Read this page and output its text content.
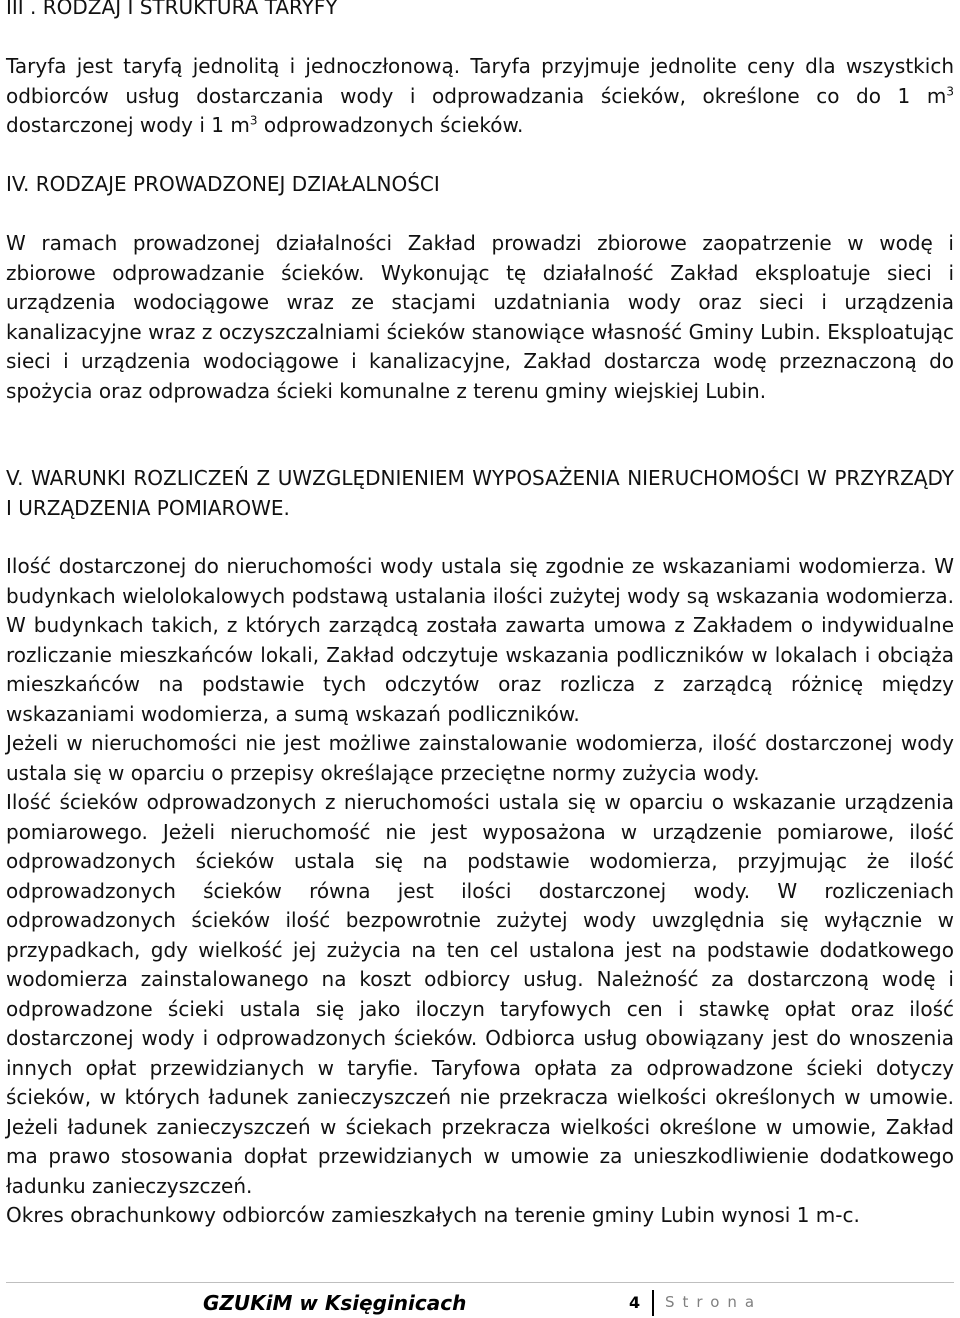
III . RODZAJ I STRUKTURA TARYFY

Taryfa jest taryfą jednolitą i jednoczłonową. Taryfa przyjmuje jednolite ceny dla wszystkich odbiorców usług dostarczania wody i odprowadzania ścieków, określone co do 1 $m^3$ dostarczonej wody i 1 $m^3$ odprowadzonych ścieków.

IV. RODZAJE PROWADZONEJ DZIAŁALNOŚCI

W ramach prowadzonej działalności Zakład prowadzi zbiorowe zaopatrzenie w wodę i zbiorowe odprowadzanie ścieków. Wykonując tę działalność Zakład eksploatuje sieci i urządzenia wodociągowe wraz ze stacjami uzdatniania wody oraz sieci i urządzenia kanalizacyjne wraz z oczyszczalniami ścieków stanowiące własność Gminy Lubin. Eksploatując sieci i urządzenia wodociągowe i kanalizacyjne, Zakład dostarcza wodę przeznaczoną do spożycia oraz odprowadza ścieki komunalne z terenu gminy wiejskiej Lubin.

V. WARUNKI ROZLICZEŃ Z UWZGLĘDNIENIEM WYPOSAŻENIA NIERUCHOMOŚCI W PRZYRZĄDY I URZĄDZENIA POMIAROWE.

Ilość dostarczonej do nieruchomości wody ustala się zgodnie ze wskazaniami wodomierza. W budynkach wielolokalowych podstawą ustalania ilości zużytej wody są wskazania wodomierza. W budynkach takich, z których zarządcą została zawarta umowa z Zakładem o indywidualne rozliczanie mieszkańców lokali, Zakład odczytuje wskazania podliczników w lokalach i obciąża mieszkańców na podstawie tych odczytów oraz rozlicza z zarządcą różnicę między wskazaniami wodomierza, a sumą wskazań podliczników.

Jeżeli w nieruchomości nie jest możliwe zainstalowanie wodomierza, ilość dostarczonej wody ustala się w oparciu o przepisy określające przeciętne normy zużycia wody.

Ilość ścieków odprowadzonych z nieruchomości ustala się w oparciu o wskazanie urządzenia pomiarowego. Jeżeli nieruchomość nie jest wyposażona w urządzenie pomiarowe, ilość odprowadzonych ścieków ustala się na podstawie wodomierza, przyjmując że ilość odprowadzonych ścieków równa jest ilości dostarczonej wody. W rozliczeniach odprowadzonych ścieków ilość bezpowrotnie zużytej wody uwzględnia się wyłącznie w przypadkach, gdy wielkość jej zużycia na ten cel ustalona jest na podstawie dodatkowego wodomierza zainstalowanego na koszt odbiorcy usług. Należność za dostarczoną wodę i odprowadzone ścieki ustala się jako iloczyn taryfowych cen i stawkę opłat oraz ilość dostarczonej wody i odprowadzonych ścieków. Odbiorca usług obowiązany jest do wnoszenia innych opłat przewidzianych w taryfie. Taryfowa opłata za odprowadzone ścieki dotyczy ścieków, w których ładunek zanieczyszczeń nie przekracza wielkości określonych w umowie. Jeżeli ładunek zanieczyszczeń w ściekach przekracza wielkości określone w umowie, Zakład ma prawo stosowania dopłat przewidzianych w umowie za unieszkodliwienie dodatkowego ładunku zanieczyszczeń.

Okres obrachunkowy odbiorców zamieszkałych na terenie gminy Lubin wynosi 1 m-c.

GZUKiM w Księginicach	4 Strona
